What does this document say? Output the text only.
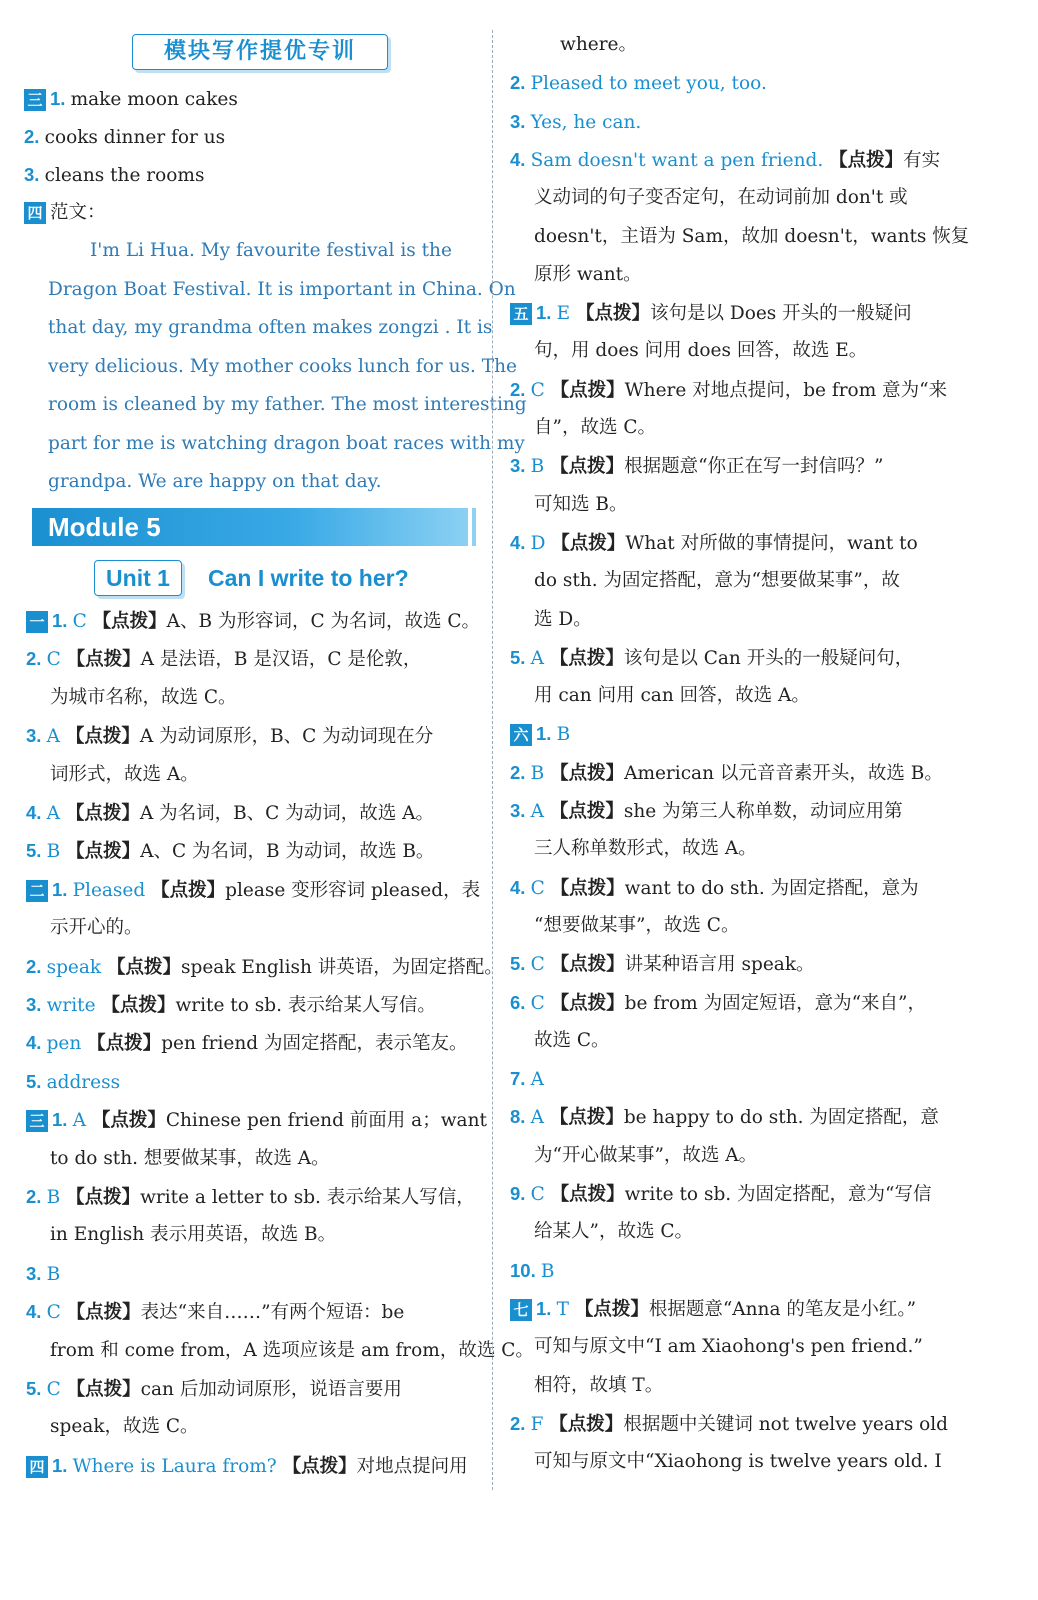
模块写作提优专训
三 1. make moon cakes
2. cooks dinner for us
3. cleans the rooms
四 范文：
I'm Li Hua. My favourite festival is the
Dragon Boat Festival. It is important in China. On
that day, my grandma often makes zongzi . It is
very delicious. My mother cooks lunch for us. The
room is cleaned by my father. The most interesting
part for me is watching dragon boat races with my
grandpa. We are happy on that day.
Module 5
Unit 1	Can I write to her?
一 1. C 【点拨】A、B 为形容词，C 为名词，故选 C。
2. C 【点拨】A 是法语，B 是汉语，C 是伦敦，
为城市名称，故选 C。
3. A 【点拨】A 为动词原形，B、C 为动词现在分
词形式，故选 A。
4. A 【点拨】A 为名词，B、C 为动词，故选 A。
5. B 【点拨】A、C 为名词，B 为动词，故选 B。
二 1. Pleased 【点拨】please 变形容词 pleased，表
示开心的。
2. speak 【点拨】speak English 讲英语，为固定搭配。
3. write 【点拨】write to sb. 表示给某人写信。
4. pen 【点拨】pen friend 为固定搭配，表示笔友。
5. address
三 1. A 【点拨】Chinese pen friend 前面用 a；want
to do sth. 想要做某事，故选 A。
2. B 【点拨】write a letter to sb. 表示给某人写信，
in English 表示用英语，故选 B。
3. B
4. C 【点拨】表达“来自……”有两个短语：be
from 和 come from，A 选项应该是 am from，故选 C。
5. C 【点拨】can 后加动词原形，说语言要用
speak，故选 C。
四 1. Where is Laura from? 【点拨】对地点提问用
where。
2. Pleased to meet you, too.
3. Yes, he can.
4. Sam doesn't want a pen friend. 【点拨】有实
义动词的句子变否定句，在动词前加 don't 或
doesn't，主语为 Sam，故加 doesn't，wants 恢复
原形 want。
五 1. E 【点拨】该句是以 Does 开头的一般疑问
句，用 does 问用 does 回答，故选 E。
2. C 【点拨】Where 对地点提问，be from 意为“来
自”，故选 C。
3. B 【点拨】根据题意“你正在写一封信吗？”
可知选 B。
4. D 【点拨】What 对所做的事情提问，want to
do sth. 为固定搭配，意为“想要做某事”，故
选 D。
5. A 【点拨】该句是以 Can 开头的一般疑问句，
用 can 问用 can 回答，故选 A。
六 1. B
2. B 【点拨】American 以元音音素开头，故选 B。
3. A 【点拨】she 为第三人称单数，动词应用第
三人称单数形式，故选 A。
4. C 【点拨】want to do sth. 为固定搭配，意为
“想要做某事”，故选 C。
5. C 【点拨】讲某种语言用 speak。
6. C 【点拨】be from 为固定短语，意为“来自”，
故选 C。
7. A
8. A 【点拨】be happy to do sth. 为固定搭配，意
为“开心做某事”，故选 A。
9. C 【点拨】write to sb. 为固定搭配，意为“写信
给某人”，故选 C。
10. B
七 1. T 【点拨】根据题意“Anna 的笔友是小红。”
可知与原文中“I am Xiaohong's pen friend.”
相符，故填 T。
2. F 【点拨】根据题中关键词 not twelve years old
可知与原文中“Xiaohong is twelve years old. I
